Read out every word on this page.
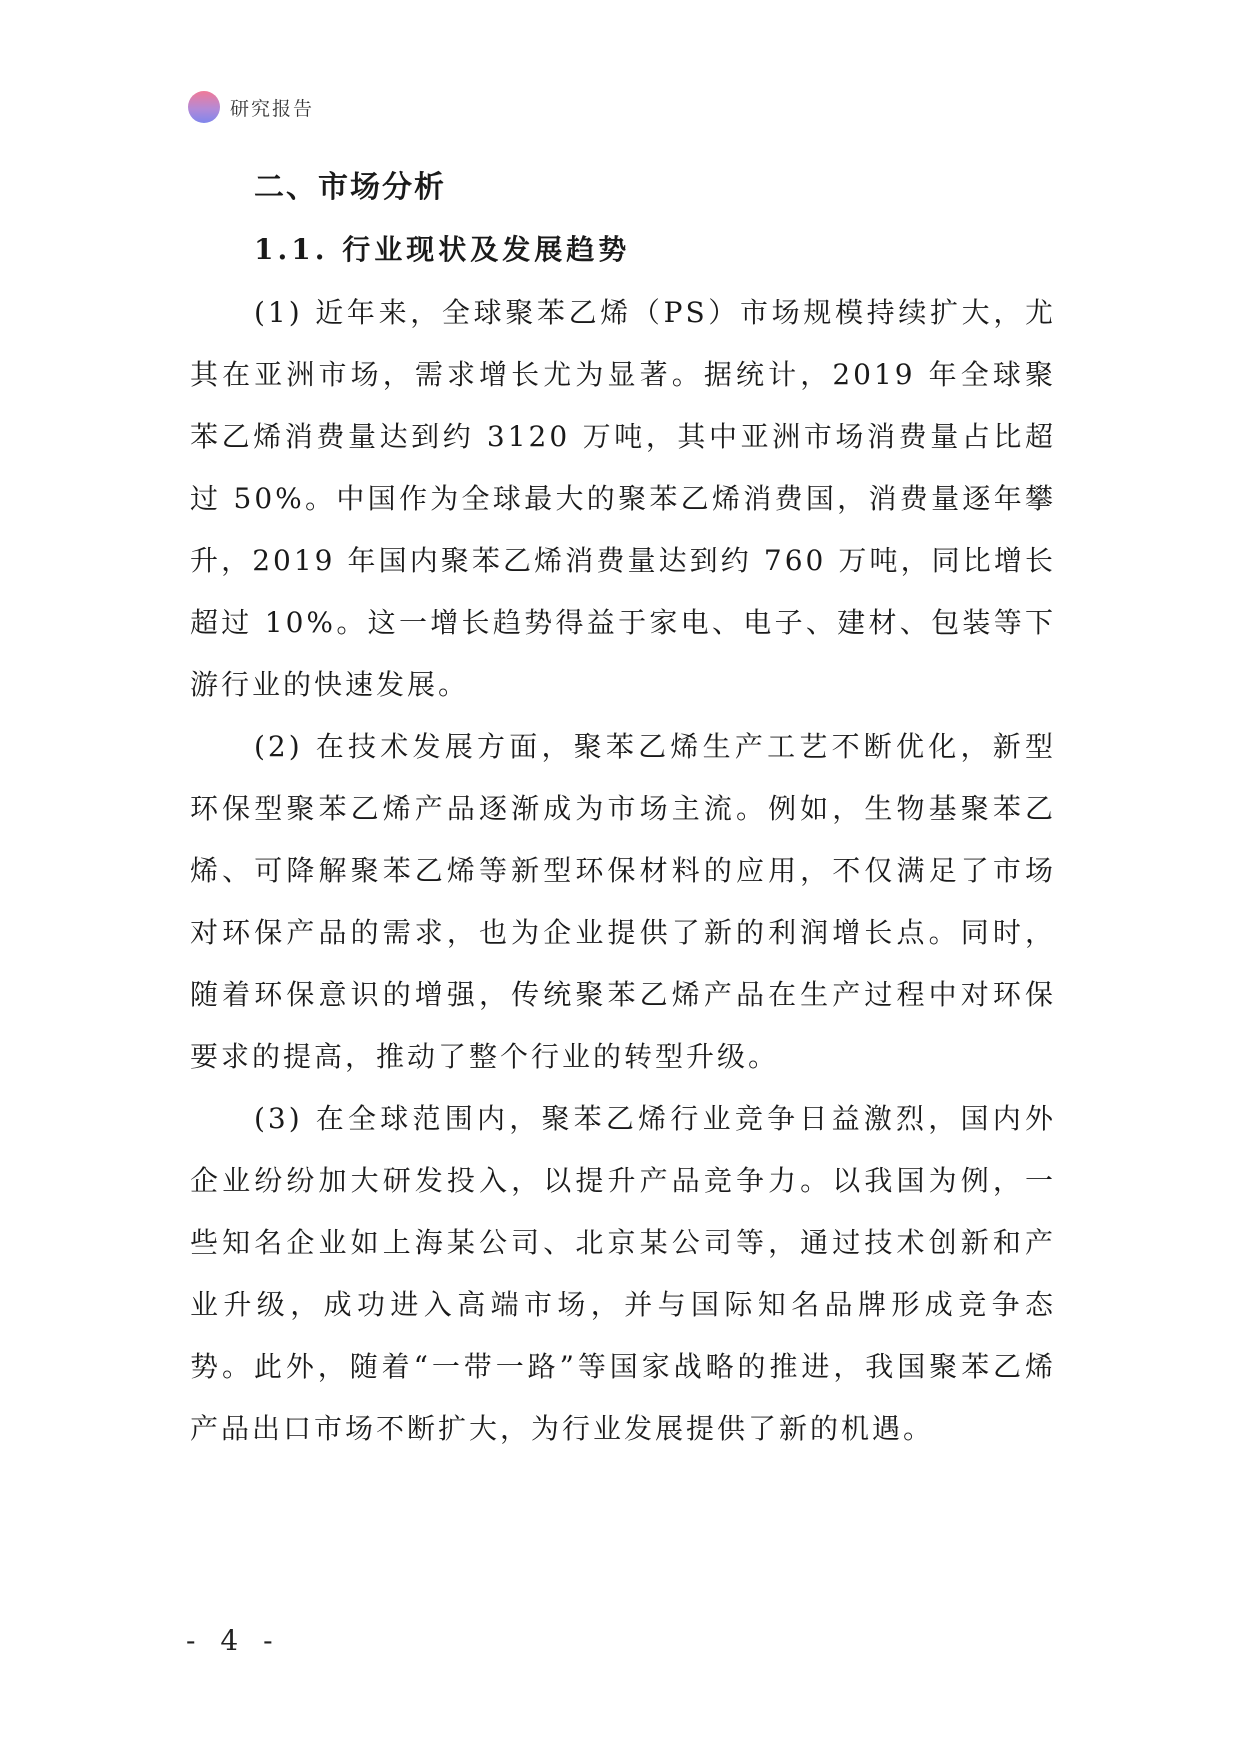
研究报告
二、市场分析
1.1. 行业现状及发展趋势

(1) 近年来，全球聚苯乙烯（PS）市场规模持续扩大，尤其在亚洲市场，需求增长尤为显著。据统计，2019 年全球聚苯乙烯消费量达到约 3120 万吨，其中亚洲市场消费量占比超过 50%。中国作为全球最大的聚苯乙烯消费国，消费量逐年攀升，2019 年国内聚苯乙烯消费量达到约 760 万吨，同比增长超过 10%。这一增长趋势得益于家电、电子、建材、包装等下游行业的快速发展。

(2) 在技术发展方面，聚苯乙烯生产工艺不断优化，新型环保型聚苯乙烯产品逐渐成为市场主流。例如，生物基聚苯乙烯、可降解聚苯乙烯等新型环保材料的应用，不仅满足了市场对环保产品的需求，也为企业提供了新的利润增长点。同时，随着环保意识的增强，传统聚苯乙烯产品在生产过程中对环保要求的提高，推动了整个行业的转型升级。

(3) 在全球范围内，聚苯乙烯行业竞争日益激烈，国内外企业纷纷加大研发投入，以提升产品竞争力。以我国为例，一些知名企业如上海某公司、北京某公司等，通过技术创新和产业升级，成功进入高端市场，并与国际知名品牌形成竞争态势。此外，随着“一带一路”等国家战略的推进，我国聚苯乙烯产品出口市场不断扩大，为行业发展提供了新的机遇。

- 4 -
